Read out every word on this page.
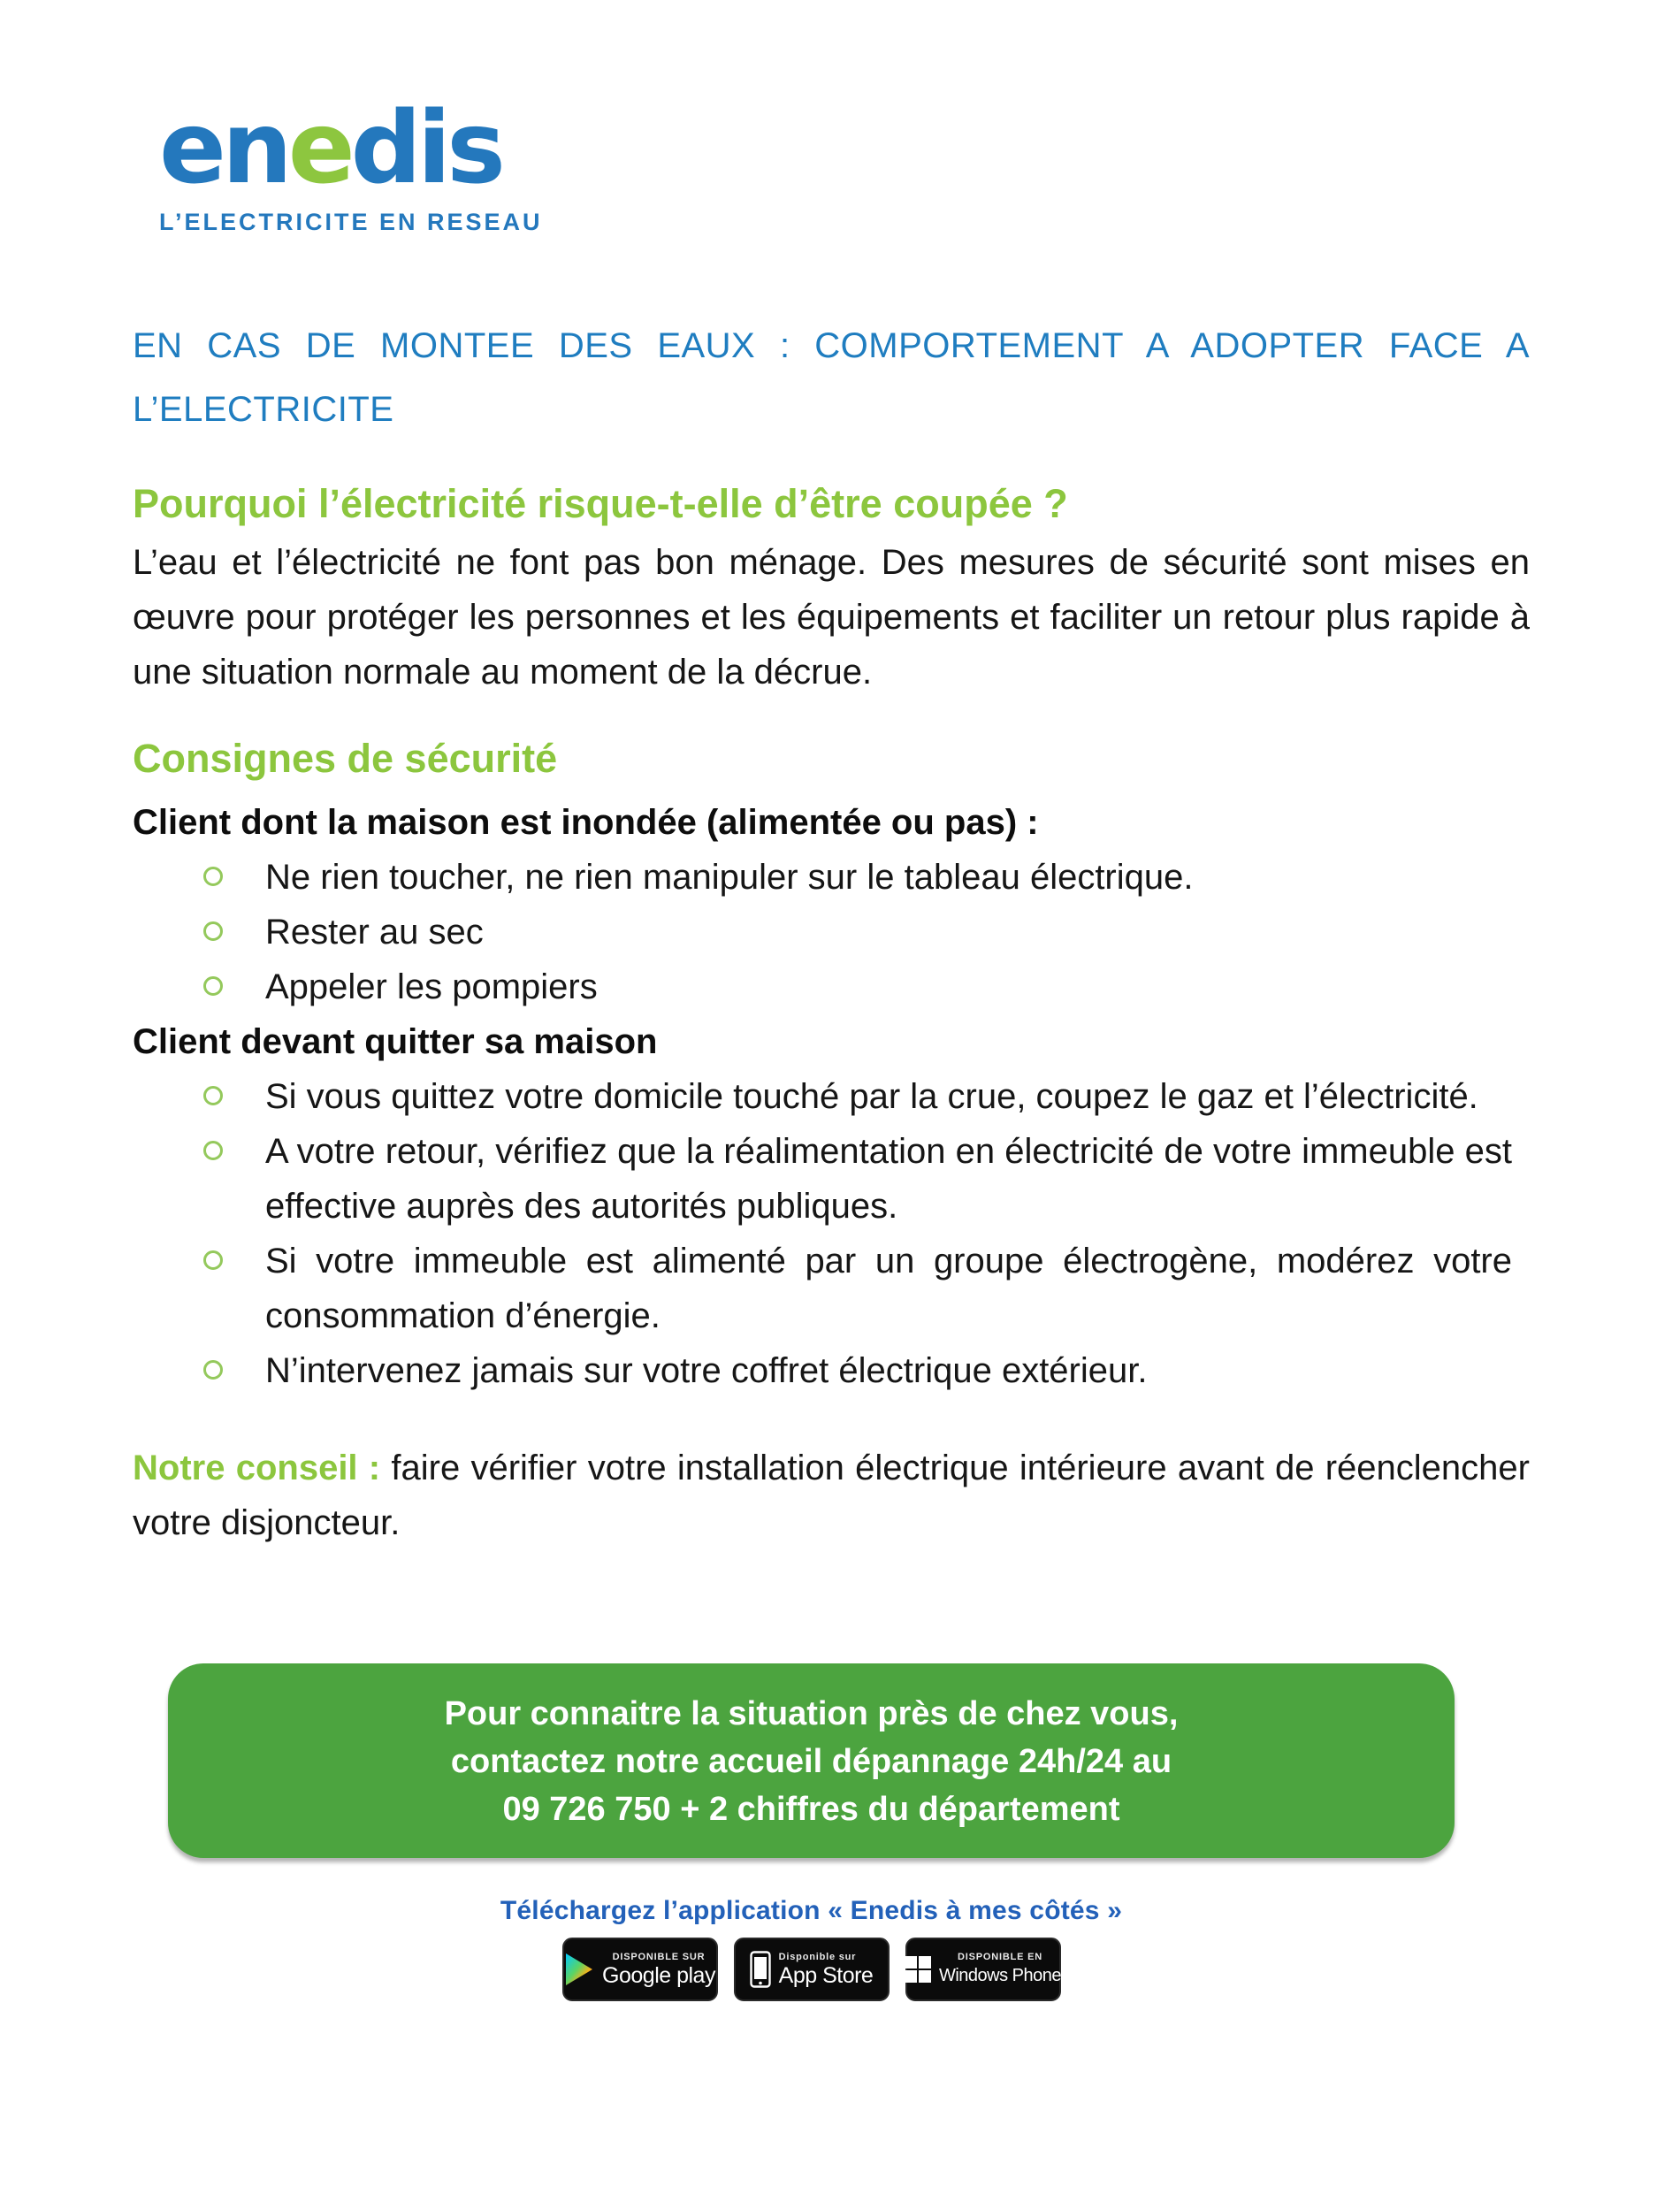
enedis
L’ELECTRICITE EN RESEAU
EN CAS DE MONTEE DES EAUX : COMPORTEMENT A ADOPTER FACE A
L’ELECTRICITE
Pourquoi l’électricité risque-t-elle d’être coupée ?

L’eau et l’électricité ne font pas bon ménage. Des mesures de sécurité sont mises en œuvre pour protéger les personnes et les équipements et faciliter un retour plus rapide à une situation normale au moment de la décrue.

Consignes de sécurité
Client dont la maison est inondée (alimentée ou pas) :
Ne rien toucher, ne rien manipuler sur le tableau électrique.
Rester au sec
Appeler les pompiers
Client devant quitter sa maison
Si vous quittez votre domicile touché par la crue, coupez le gaz et l’électricité.
A votre retour, vérifiez que la réalimentation en électricité de votre immeuble est effective auprès des autorités publiques.
Si votre immeuble est alimenté par un groupe électrogène, modérez votre consommation d’énergie.
N’intervenez jamais sur votre coffret électrique extérieur.

Notre conseil : faire vérifier votre installation électrique intérieure avant de réenclencher votre disjoncteur.

Pour connaitre la situation près de chez vous,
contactez notre accueil dépannage 24h/24 au
09 726 750 + 2 chiffres du département
Téléchargez l’application « Enedis à mes côtés »
DISPONIBLE SUR
Google play
Disponible sur
App Store
DISPONIBLE EN
Windows Phone
